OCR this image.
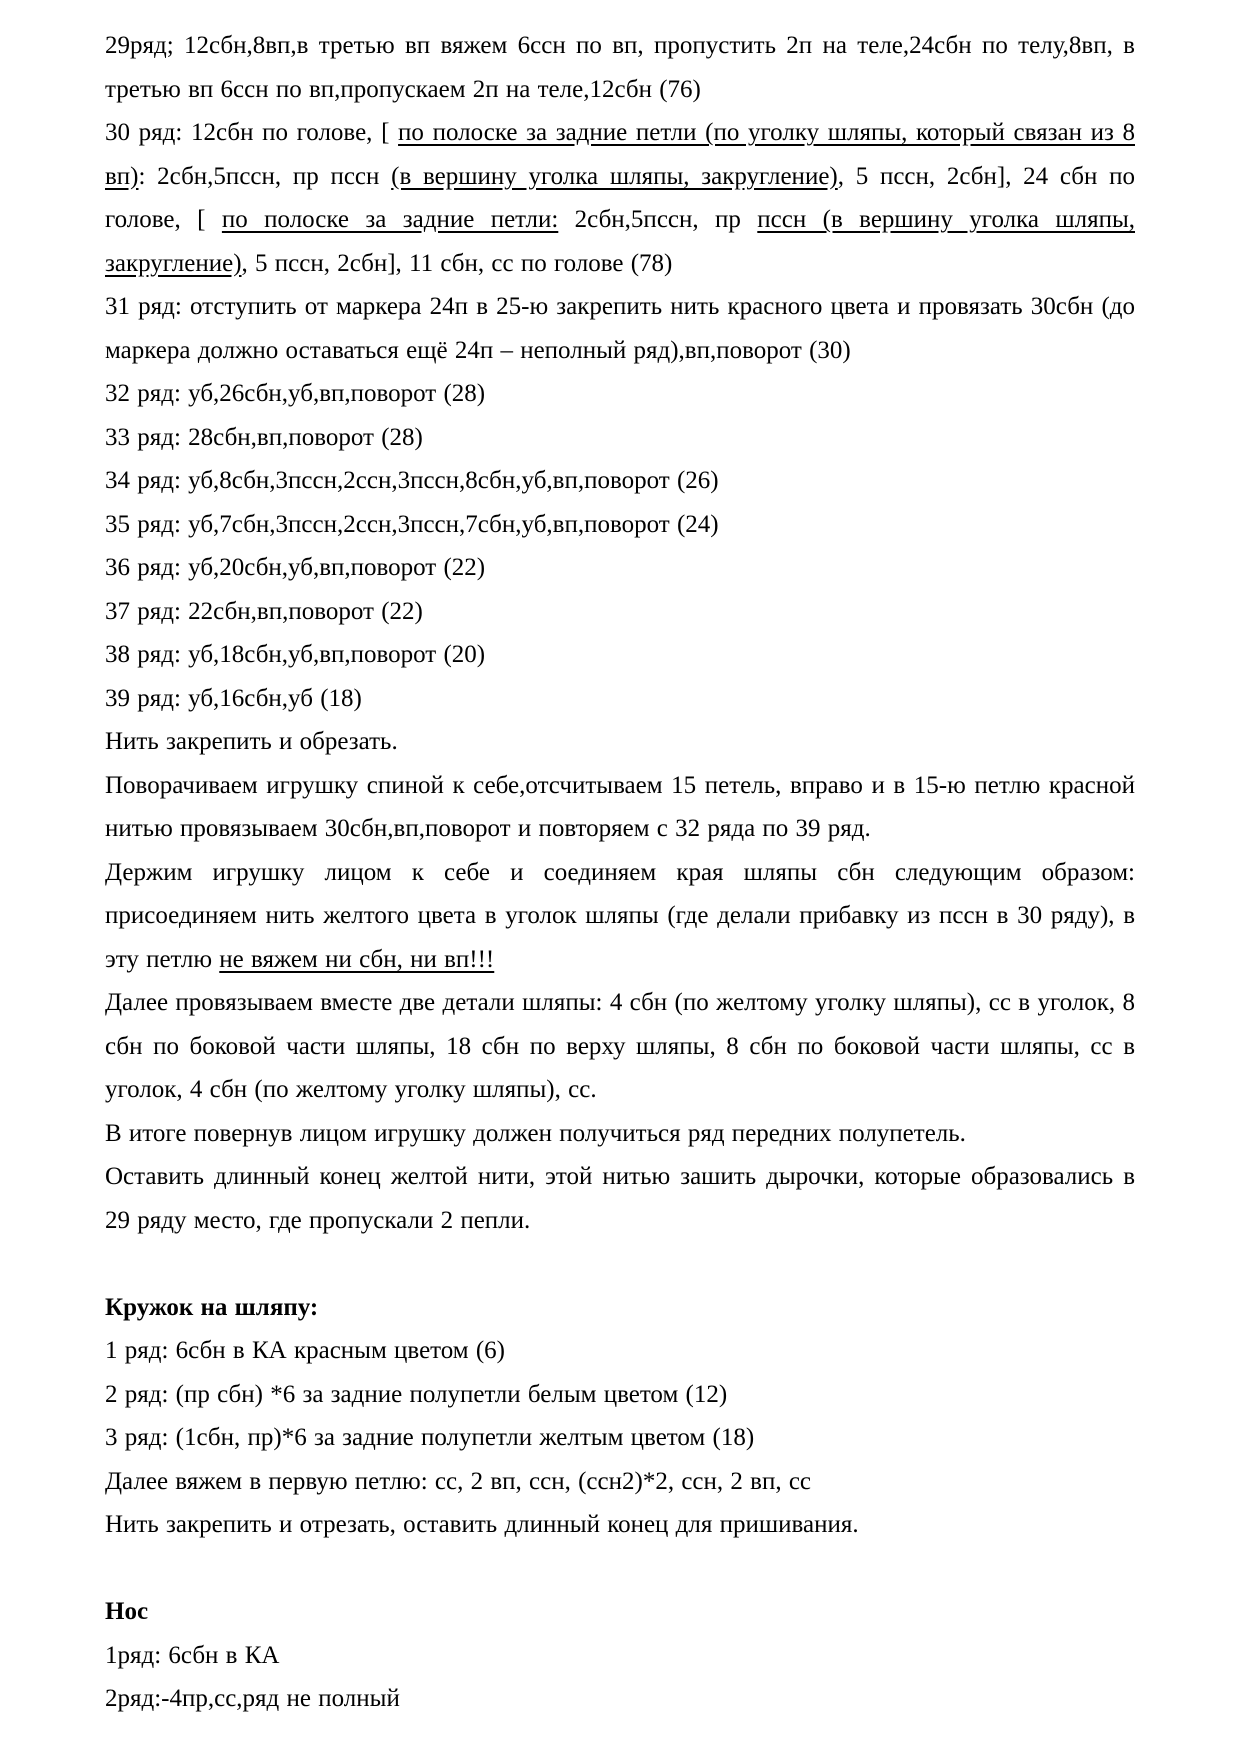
29ряд; 12сбн,8вп,в третью вп вяжем 6ссн по вп, пропустить 2п на теле,24сбн по телу,8вп, в третью вп 6ссн по вп,пропускаем 2п на теле,12сбн (76)

30 ряд: 12сбн по голове, [ по полоске за задние петли (по уголку шляпы, который связан из 8 вп): 2сбн,5пссн, пр пссн (в вершину уголка шляпы, закругление), 5 пссн, 2сбн], 24 сбн по голове, [ по полоске за задние петли: 2сбн,5пссн, пр пссн (в вершину уголка шляпы, закругление), 5 пссн, 2сбн], 11 сбн, сс по голове (78)

31 ряд: отступить от маркера 24п в 25-ю закрепить нить красного цвета и провязать 30сбн (до маркера должно оставаться ещё 24п – неполный ряд),вп,поворот (30)

32 ряд: уб,26сбн,уб,вп,поворот (28)

33 ряд: 28сбн,вп,поворот (28)

34 ряд: уб,8сбн,3пссн,2ссн,3пссн,8сбн,уб,вп,поворот (26)

35 ряд: уб,7сбн,3пссн,2ссн,3пссн,7сбн,уб,вп,поворот (24)

36 ряд: уб,20сбн,уб,вп,поворот (22)

37 ряд: 22сбн,вп,поворот (22)

38 ряд: уб,18сбн,уб,вп,поворот (20)

39 ряд: уб,16сбн,уб (18)

Нить закрепить и обрезать.

Поворачиваем игрушку спиной к себе,отсчитываем 15 петель, вправо и в 15-ю петлю красной нитью провязываем 30сбн,вп,поворот и повторяем с 32 ряда по 39 ряд.

Держим игрушку лицом к себе и соединяем края шляпы сбн следующим образом: присоединяем нить желтого цвета в уголок шляпы (где делали прибавку из пссн в 30 ряду), в эту петлю не вяжем ни сбн, ни вп!!!

Далее провязываем вместе две детали шляпы: 4 сбн (по желтому уголку шляпы), сс в уголок, 8 сбн по боковой части шляпы, 18 сбн по верху шляпы, 8 сбн по боковой части шляпы, сс в уголок, 4 сбн (по желтому уголку шляпы), сс.

В итоге повернув лицом игрушку должен получиться ряд передних полупетель.

Оставить длинный конец желтой нити, этой нитью зашить дырочки, которые образовались в 29 ряду место, где пропускали 2 пепли.

Кружок на шляпу:

1 ряд: 6сбн в КА красным цветом (6)

2 ряд: (пр сбн) *6 за задние полупетли белым цветом (12)

3 ряд: (1сбн, пр)*6 за задние полупетли желтым цветом (18)

Далее вяжем в первую петлю: сс, 2 вп, ссн, (ссн2)*2, ссн, 2 вп, сс

Нить закрепить и отрезать, оставить длинный конец для пришивания.

Нос

1ряд: 6сбн в КА

2ряд:-4пр,сс,ряд не полный
